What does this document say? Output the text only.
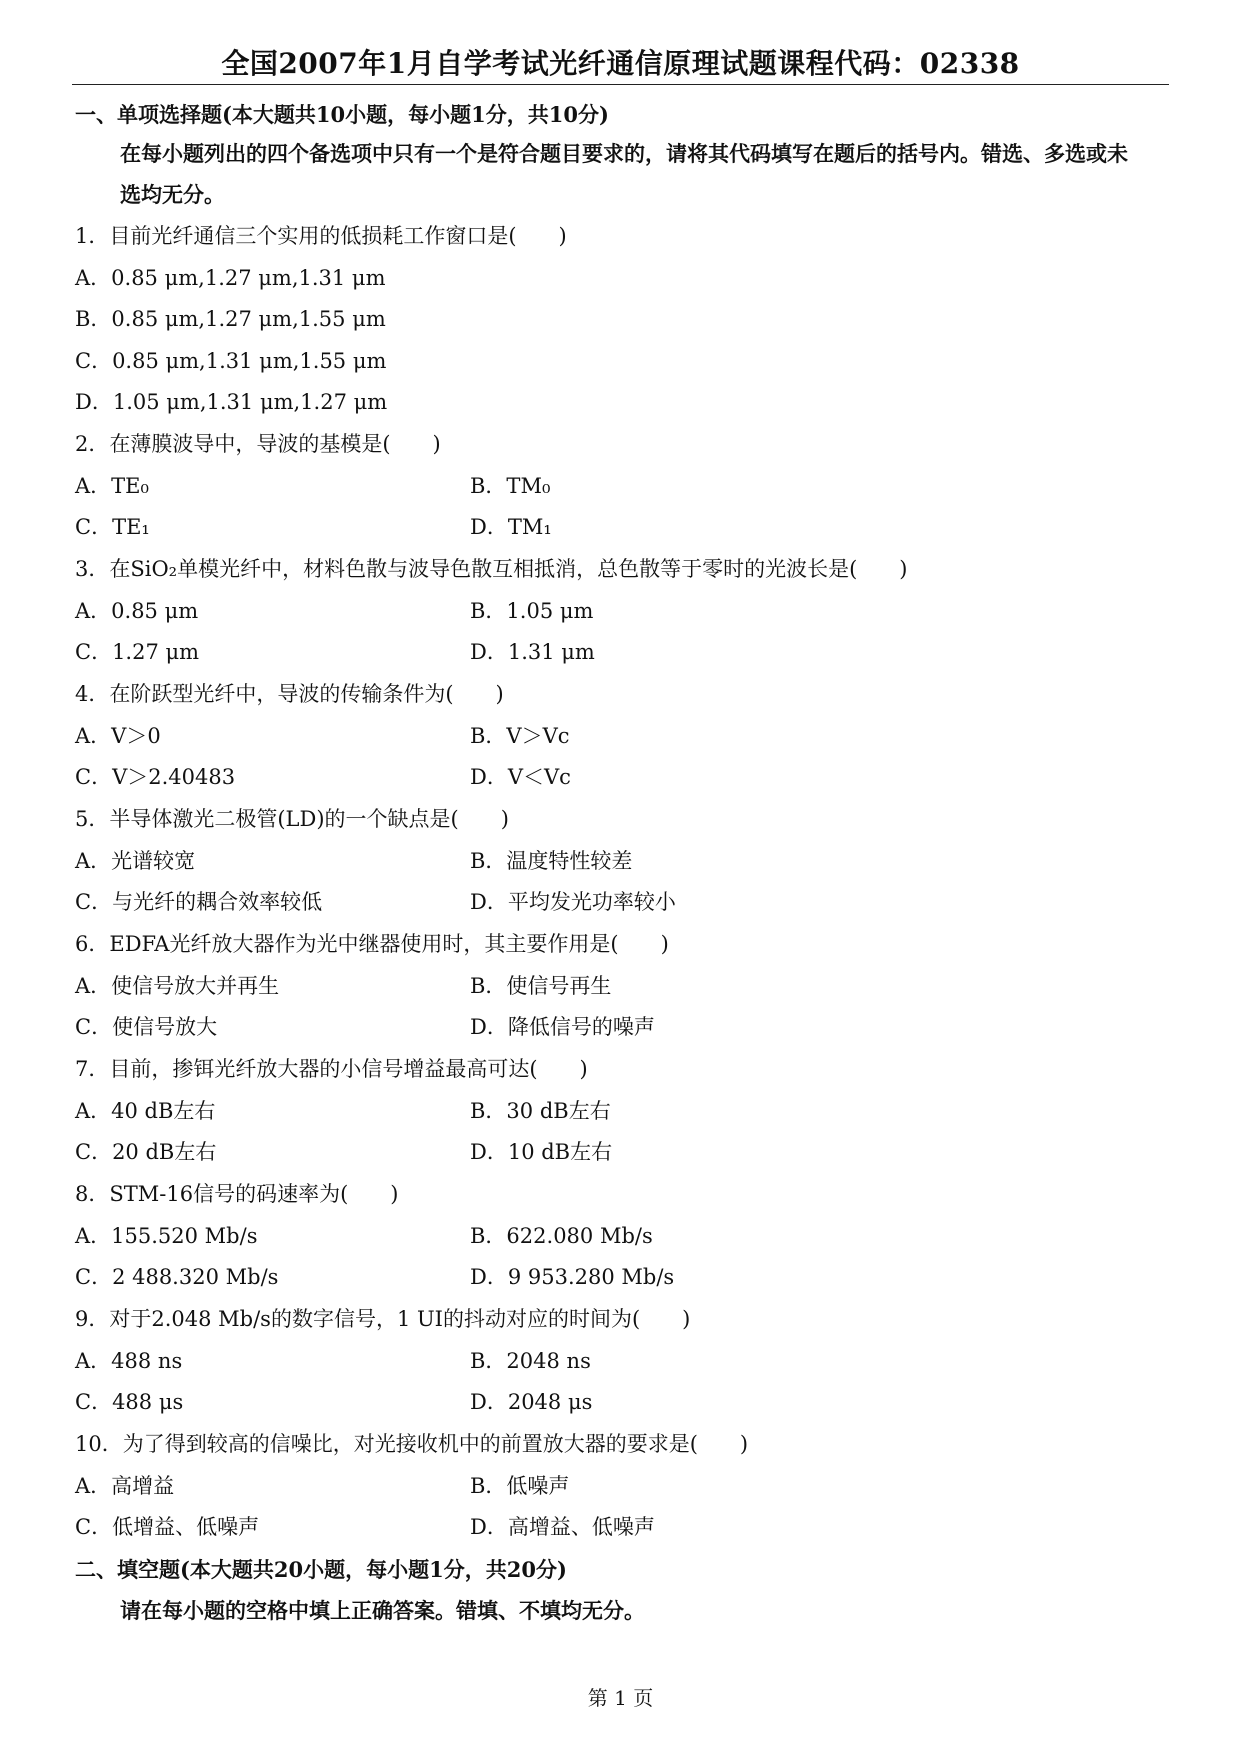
全国2007年1月自学考试光纤通信原理试题课程代码：02338
一、单项选择题(本大题共10小题，每小题1分，共10分)
在每小题列出的四个备选项中只有一个是符合题目要求的，请将其代码填写在题后的括号内。错选、多选或未
选均无分。
1．目前光纤通信三个实用的低损耗工作窗口是(　　)
A．0.85 μm,1.27 μm,1.31 μm
B．0.85 μm,1.27 μm,1.55 μm
C．0.85 μm,1.31 μm,1.55 μm
D．1.05 μm,1.31 μm,1.27 μm
2．在薄膜波导中，导波的基模是(　　)
A．TE₀	B．TM₀
C．TE₁	D．TM₁
3．在SiO₂单模光纤中，材料色散与波导色散互相抵消，总色散等于零时的光波长是(　　)
A．0.85 μm	B．1.05 μm
C．1.27 μm	D．1.31 μm
4．在阶跃型光纤中，导波的传输条件为(　　)
A．V＞0	B．V＞Vc
C．V＞2.40483	D．V＜Vc
5．半导体激光二极管(LD)的一个缺点是(　　)
A．光谱较宽	B．温度特性较差
C．与光纤的耦合效率较低	D．平均发光功率较小
6．EDFA光纤放大器作为光中继器使用时，其主要作用是(　　)
A．使信号放大并再生	B．使信号再生
C．使信号放大	D．降低信号的噪声
7．目前，掺铒光纤放大器的小信号增益最高可达(　　)
A．40 dB左右	B．30 dB左右
C．20 dB左右	D．10 dB左右
8．STM-16信号的码速率为(　　)
A．155.520 Mb/s	B．622.080 Mb/s
C．2 488.320 Mb/s	D．9 953.280 Mb/s
9．对于2.048 Mb/s的数字信号，1 UI的抖动对应的时间为(　　)
A．488 ns	B．2048 ns
C．488 μs	D．2048 μs
10．为了得到较高的信噪比，对光接收机中的前置放大器的要求是(　　)
A．高增益	B．低噪声
C．低增益、低噪声	D．高增益、低噪声
二、填空题(本大题共20小题，每小题1分，共20分)
请在每小题的空格中填上正确答案。错填、不填均无分。
第 1 页
